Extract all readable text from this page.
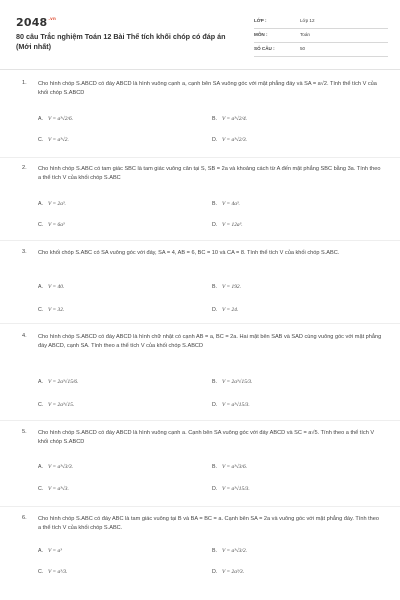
$2048^{.vn}$
80 câu Trắc nghiệm Toán 12 Bài Thể tích khối chóp có đáp án (Mới nhất)
LỚP :	Lớp 12
MÔN :	Toán
SỐ CÂU :	50
1. Cho hình chóp S.ABCD có đáy ABCD là hình vuông cạnh a, cạnh bên SA vuông góc với mặt phẳng đáy và SA = a√2. Tính thể tích V của khối chóp S.ABCD
A. V = a³√2/6.	B. V = a³√2/4.
C. V = a³√2.	D. V = a³√2/3.
2. Cho hình chóp S.ABC có tam giác SBC là tam giác vuông cân tại S, SB = 2a và khoảng cách từ A đến mặt phẳng SBC bằng 3a. Tính theo a thể tích V của khối chóp S.ABC
A. V = 2a³.	B. V = 4a³.
C. V = 6a³	D. V = 12a³.
3. Cho khối chóp S.ABC có SA vuông góc với đáy, SA = 4, AB = 6, BC = 10 và CA = 8. Tính thể tích V của khối chóp S.ABC.
A. V = 40.	B. V = 192.
C. V = 32.	D. V = 24.
4. Cho hình chóp S.ABCD có đáy ABCD là hình chữ nhật có cạnh AB = a, BC = 2a. Hai mặt bên SAB và SAD cùng vuông góc với mặt phẳng đáy ABCD, cạnh SA. Tính theo a thể tích V của khối chóp S.ABCD
A. V = 2a³√15/6.	B. V = 2a³√15/3.
C. V = 2a³√15.	D. V = a³√15/3.
5. Cho hình chóp S.ABCD có đáy ABCD là hình vuông cạnh a. Cạnh bên SA vuông góc với đáy ABCD và SC = a√5. Tính theo a thể tích V khối chóp S.ABCD
A. V = a³√3/3.	B. V = a³√3/6.
C. V = a³√3.	D. V = a³√15/3.
6. Cho hình chóp S.ABC có đáy ABC là tam giác vuông tại B và BA = BC = a. Cạnh bên SA = 2a và vuông góc với mặt phẳng đáy. Tính theo a thể tích V của khối chóp S.ABC.
A. V = a³	B. V = a³√3/2.
C. V = a³/3.	D. V = 2a³/3.
